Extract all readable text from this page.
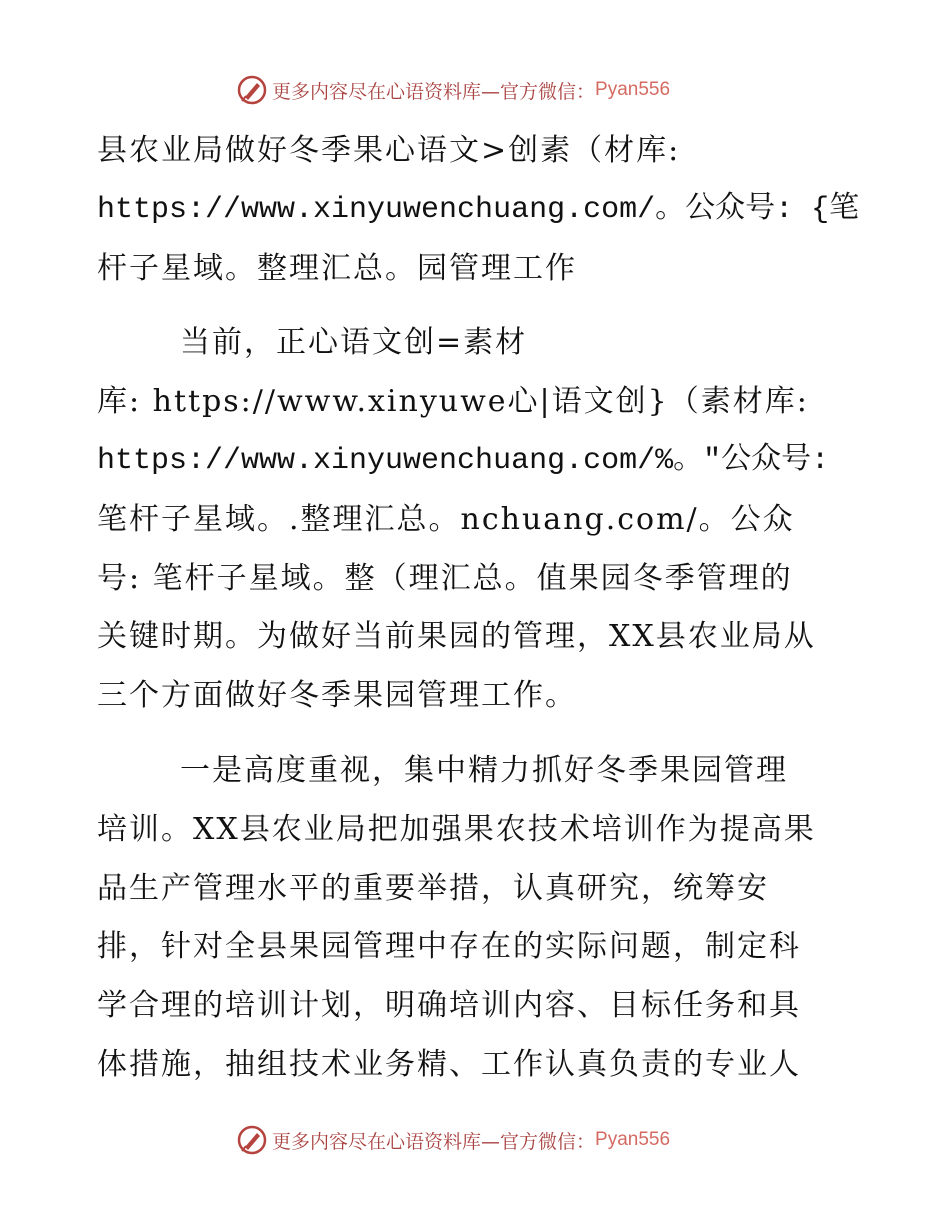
更多内容尽在心语资料库—官方微信： Pyan556
县农业局做好冬季果心语文>创素（材库:
https://www.xinyuwenchuang.com/。公众号: {笔
杆子星域。整理汇总。园管理工作
当前，正心语文创=素材
库: https://www.xinyuwe心|语文创}（素材库:
https://www.xinyuwenchuang.com/%。"公众号:
笔杆子星域。.整理汇总。nchuang.com/。公众
号: 笔杆子星域。整（理汇总。值果园冬季管理的
关键时期。为做好当前果园的管理，XX县农业局从
三个方面做好冬季果园管理工作。
一是高度重视，集中精力抓好冬季果园管理
培训。XX县农业局把加强果农技术培训作为提高果
品生产管理水平的重要举措，认真研究，统筹安
排，针对全县果园管理中存在的实际问题，制定科
学合理的培训计划，明确培训内容、目标任务和具
体措施，抽组技术业务精、工作认真负责的专业人
更多内容尽在心语资料库—官方微信： Pyan556
